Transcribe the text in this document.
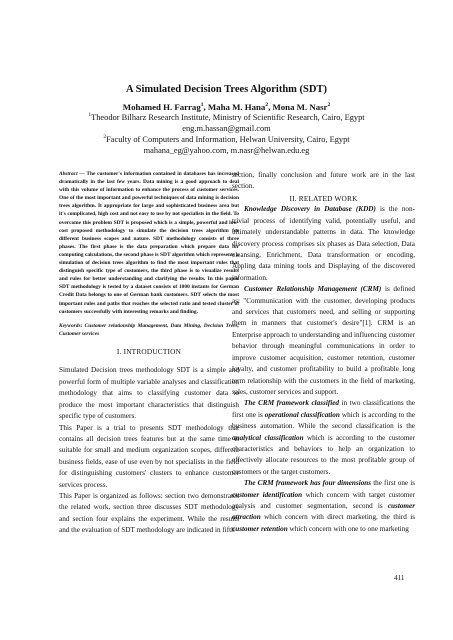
A Simulated Decision Trees Algorithm (SDT)
Mohamed H. Farrag$^1$, Maha M. Hana$^2$, Mona M. Nasr$^2$
$^1$Theodor Bilharz Research Institute, Ministry of Scientific Research, Cairo, Egypt
eng.m.hassan@gmail.com
$^2$Faculty of Computers and Information, Helwan University, Cairo, Egypt
mahana_eg@yahoo.com, m.nasr@helwan.edu.eg

Abstract — The customer's information contained in databases has increased dramatically in the last few years. Data mining is a good approach to deal with this volume of information to enhance the process of customer services. One of the most important and powerful techniques of data mining is decision trees algorithm. It appropriate for large and sophisticated business area but it's complicated, high cost and not easy to use by not specialists in the field. To overcome this problem SDT is proposed which is a simple, powerful and low-cost proposed methodology to simulate the decision trees algorithm for different business scopes and nature. SDT methodology consists of three phases. The first phase is the data preparation which prepare data for computing calculations, the second phase is SDT algorithm which represents a simulation of decision trees algorithm to find the most important rules that distinguish specific type of customers, the third phase is to visualize results and rules for better understanding and clarifying the results. In this paper SDT methodology is tested by a dataset consists of 1000 instants for German Credit Data belongs to one of German bank customers. SDT selects the most important rules and paths that reaches the selected ratio and tested cluster of customers successfully with interesting remarks and finding.

Keywords: Customer relationship Management, Data Mining, Decision Trees, Customer services

I. INTRODUCTION

Simulated Decision trees methodology SDT is a simple and powerful form of multiple variable analyses and classification methodology that aims to classifying customer data to produce the most important characteristics that distinguish specific type of customers.

This Paper is a trial to presents SDT methodology that contains all decision trees features but at the same time is suitable for small and medium organization scopes, different business fields, ease of use even by not specialists in the field for distinguishing customers' clusters to enhance customer services process.

This Paper is organized as follows: section two demonstrates the related work, section three discusses SDT methodology and section four explains the experiment. While the results and the evaluation of SDT methodology are indicated in fifth

section, finally conclusion and future work are in the last section.

II. RELATED WORK

Knowledge Discovery in Database (KDD) is the non-trivial process of identifying valid, potentially useful, and ultimately understandable patterns in data. The knowledge discovery process comprises six phases as Data selection, Data cleansing, Enrichment, Data transformation or encoding, Appling data mining tools and Displaying of the discovered information.

Customer Relationship Management (CRM) is defined as: "Communication with the customer, developing products and services that customers need, and selling or supporting them in manners that customer's desire"[1]. CRM is an Enterprise approach to understanding and influencing customer behavior through meaningful communications in order to improve customer acquisition, customer retention, customer loyalty, and customer profitability to build a profitable long term relationship with the customers in the field of marketing, sales, customer services and support.

The CRM framework classified in two classifications the first one is operational classification which is according to the business automation. While the second classification is the analytical classification which is according to the customer characteristics and behaviors to help an organization to effectively allocate resources to the most profitable group of customers or the target customers.

The CRM framework has four dimensions the first one is customer identification which concern with target customer analysis and customer segmentation, second is customer attraction which concern with direct marketing, the third is customer retention which concern with one to one marketing

411
